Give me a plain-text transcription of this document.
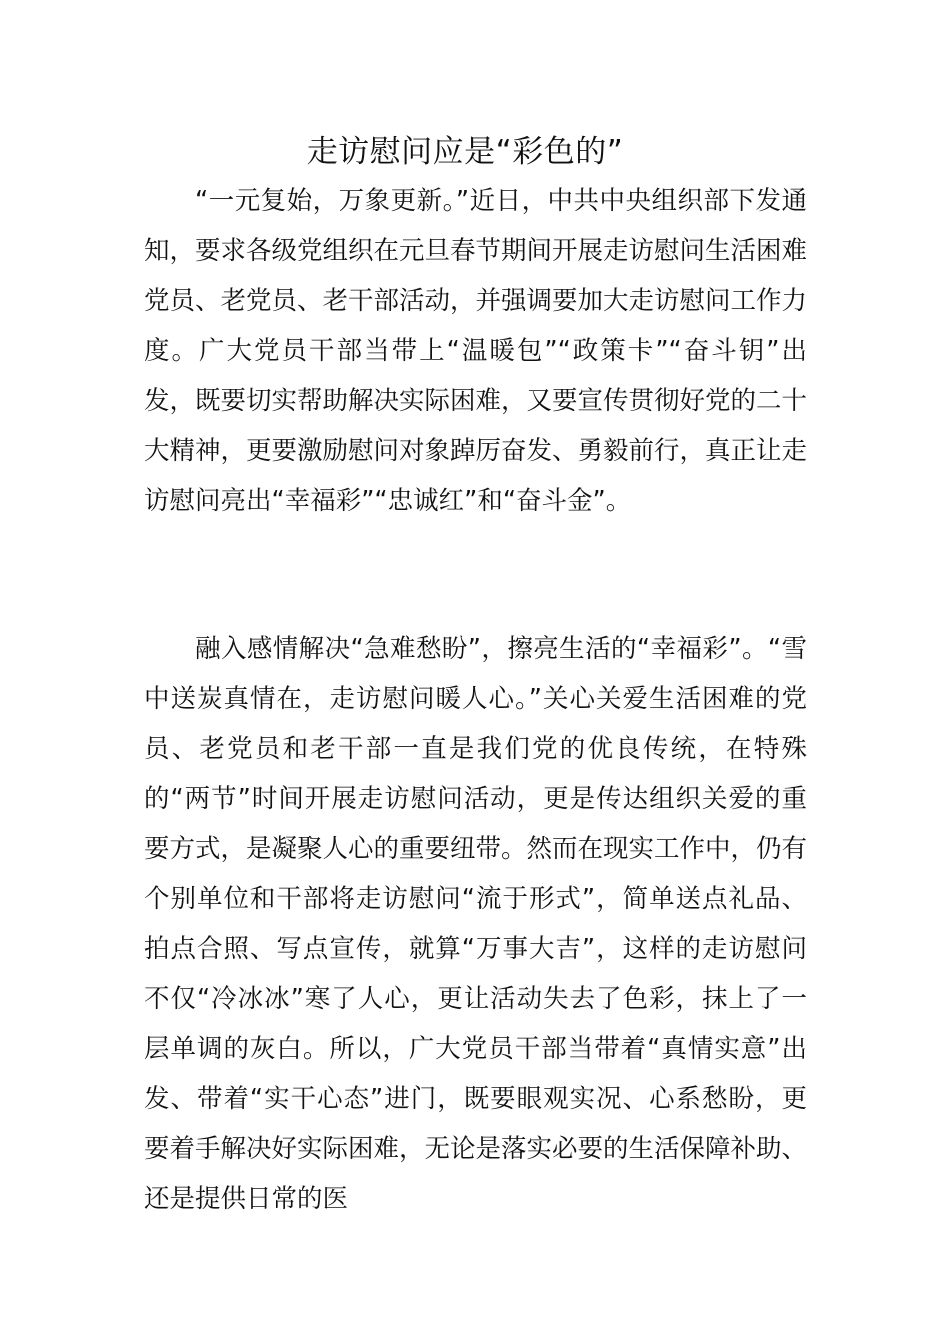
走访慰问应是“彩色的”

“一元复始，万象更新。”近日，中共中央组织部下发通知，要求各级党组织在元旦春节期间开展走访慰问生活困难党员、老党员、老干部活动，并强调要加大走访慰问工作力度。广大党员干部当带上“温暖包”“政策卡”“奋斗钥”出发，既要切实帮助解决实际困难，又要宣传贯彻好党的二十大精神，更要激励慰问对象踔厉奋发、勇毅前行，真正让走访慰问亮出“幸福彩”“忠诚红”和“奋斗金”。

融入感情解决“急难愁盼”，擦亮生活的“幸福彩”。“雪中送炭真情在，走访慰问暖人心。”关心关爱生活困难的党员、老党员和老干部一直是我们党的优良传统，在特殊的“两节”时间开展走访慰问活动，更是传达组织关爱的重要方式，是凝聚人心的重要纽带。然而在现实工作中，仍有个别单位和干部将走访慰问“流于形式”，简单送点礼品、拍点合照、写点宣传，就算“万事大吉”，这样的走访慰问不仅“冷冰冰”寒了人心，更让活动失去了色彩，抹上了一层单调的灰白。所以，广大党员干部当带着“真情实意”出发、带着“实干心态”进门，既要眼观实况、心系愁盼，更要着手解决好实际困难，无论是落实必要的生活保障补助、还是提供日常的医
